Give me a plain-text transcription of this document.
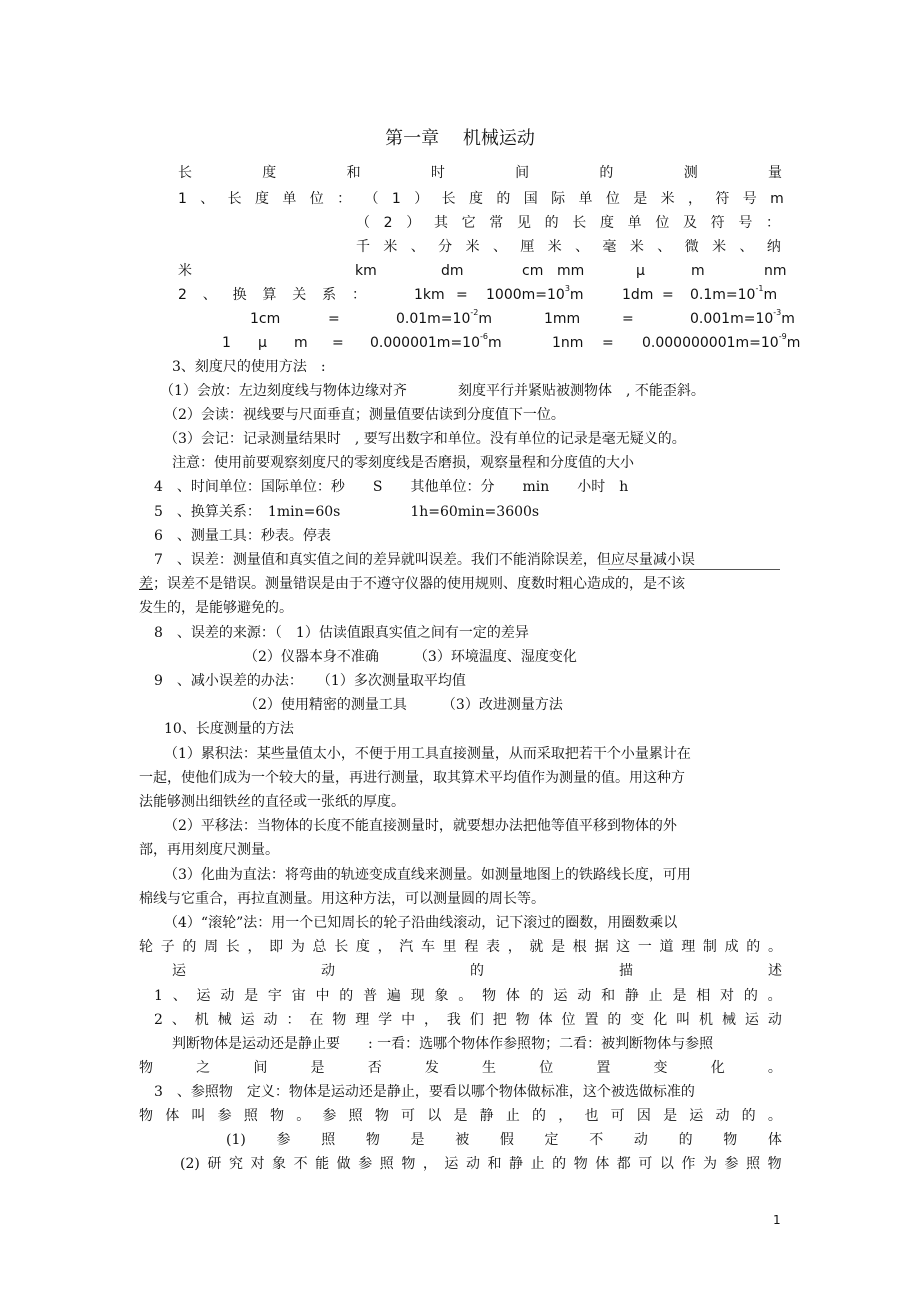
第一章　 机械运动
长	度	和	时	间	的	测	量
1 、 长 度 单 位 ： （ 1 ） 长 度 的 国 际 单 位 是 米 ， 符 号 m
（ 2 ） 其 它 常 见 的 长 度 单 位 及 符 号 ：
千 米 、 分 米 、 厘 米 、 毫 米 、 微 米 、 纳
米	km	dm	cm mm	μ	m	nm
2 、 换 算 关 系 ：	$1km = 1000m=10^3m$	$1dm = 0.1m=10^{-1}m$
1cm	=	$0.01m=10^{-2}m$	1mm	=	$0.001m=10^{-3}m$
1 μ $m = 0.000001m=10^{-6}m$	$1nm = 0.000000001m=10^{-9}m$
3、刻度尺的使用方法　:
（1）会放：左边刻度线与物体边缘对齐	刻度平行并紧贴被测物体　, 不能歪斜。
（2）会读：视线要与尺面垂直；测量值要估读到分度值下一位。
（3）会记：记录测量结果时　, 要写出数字和单位。没有单位的记录是毫无疑义的。
注意：使用前要观察刻度尺的零刻度线是否磨损，观察量程和分度值的大小
4　、时间单位：国际单位：秒　　S　　其他单位：分　　min　　小时　h
5　、换算关系：　1min=60s　　　　　1h=60min=3600s
6　、测量工具：秒表。停表
7　、误差：测量值和真实值之间的差异就叫误差。我们不能消除误差，但应尽量减小误
差；误差不是错误。测量错误是由于不遵守仪器的使用规则、度数时粗心造成的，是不该
发生的，是能够避免的。
8　、误差的来源：（　1）估读值跟真实值之间有一定的差异
（2）仪器本身不准确　　　（3）环境温度、湿度变化
9　、减小误差的办法：　　（1）多次测量取平均值
（2）使用精密的测量工具　　　（3）改进测量方法
10、长度测量的方法
（1）累积法：某些量值太小，不便于用工具直接测量，从而采取把若干个小量累计在
一起，使他们成为一个较大的量，再进行测量，取其算术平均值作为测量的值。用这种方
法能够测出细铁丝的直径或一张纸的厚度。
（2）平移法：当物体的长度不能直接测量时，就要想办法把他等值平移到物体的外
部，再用刻度尺测量。
（3）化曲为直法：将弯曲的轨迹变成直线来测量。如测量地图上的铁路线长度，可用
棉线与它重合，再拉直测量。用这种方法，可以测量圆的周长等。
（4）“滚轮”法：用一个已知周长的轮子沿曲线滚动，记下滚过的圈数，用圈数乘以
轮 子 的 周 长 ， 即 为 总 长 度 ， 汽 车 里 程 表 ， 就 是 根 据 这 一 道 理 制 成 的 。
运	动	的	描	述
1 、 运 动 是 宇 宙 中 的 普 遍 现 象 。 物 体 的 运 动 和 静 止 是 相 对 的 。
2 、 机 械 运 动 ： 在 物 理 学 中 ， 我 们 把 物 体 位 置 的 变 化 叫 机 械 运 动
判断物体是运动还是静止要　　: 一看：选哪个物体作参照物；二看：被判断物体与参照
物	之	间	是	否	发	生	位	置	变	化	。
3　、参照物　定义：物体是运动还是静止，要看以哪个物体做标准，这个被选做标准的
物 体 叫 参 照 物 。 参 照 物 可 以 是 静 止 的 ， 也 可 因 是 运 动 的 。
(1) 参 照 物 是 被 假 定 不 动 的 物 体
(2) 研 究 对 象 不 能 做 参 照 物 ， 运 动 和 静 止 的 物 体 都 可 以 作 为 参 照 物
1
